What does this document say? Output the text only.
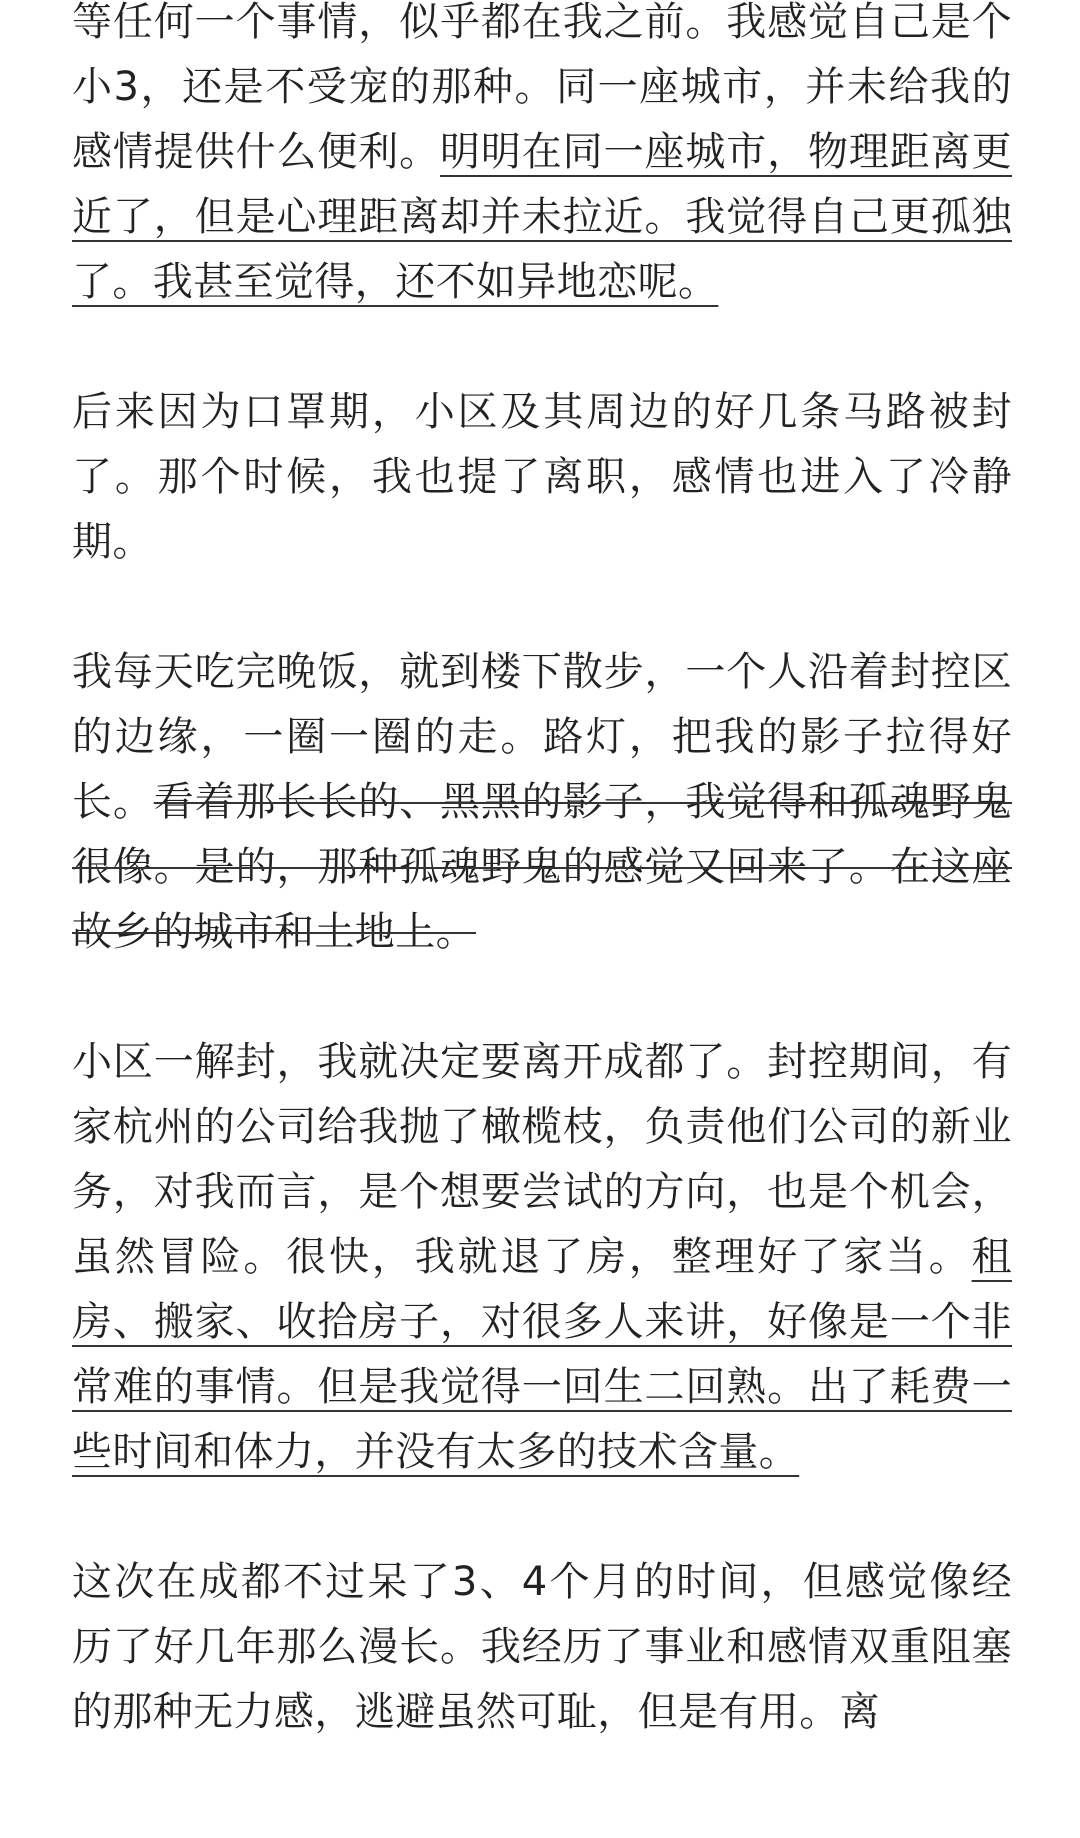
等任何一个事情，似乎都在我之前。我感觉自己是个小3，还是不受宠的那种。同一座城市，并未给我的感情提供什么便利。明明在同一座城市，物理距离更近了，但是心理距离却并未拉近。我觉得自己更孤独了。我甚至觉得，还不如异地恋呢。

后来因为口罩期，小区及其周边的好几条马路被封了。那个时候，我也提了离职，感情也进入了冷静期。

我每天吃完晚饭，就到楼下散步，一个人沿着封控区的边缘，一圈一圈的走。路灯，把我的影子拉得好长。看着那长长的、黑黑的影子，我觉得和孤魂野鬼很像。是的，那种孤魂野鬼的感觉又回来了。在这座故乡的城市和土地上。

小区一解封，我就决定要离开成都了。封控期间，有家杭州的公司给我抛了橄榄枝，负责他们公司的新业务，对我而言，是个想要尝试的方向，也是个机会，虽然冒险。很快，我就退了房，整理好了家当。租房、搬家、收拾房子，对很多人来讲，好像是一个非常难的事情。但是我觉得一回生二回熟。出了耗费一些时间和体力，并没有太多的技术含量。

这次在成都不过呆了3、4个月的时间，但感觉像经历了好几年那么漫长。我经历了事业和感情双重阻塞的那种无力感，逃避虽然可耻，但是有用。离
